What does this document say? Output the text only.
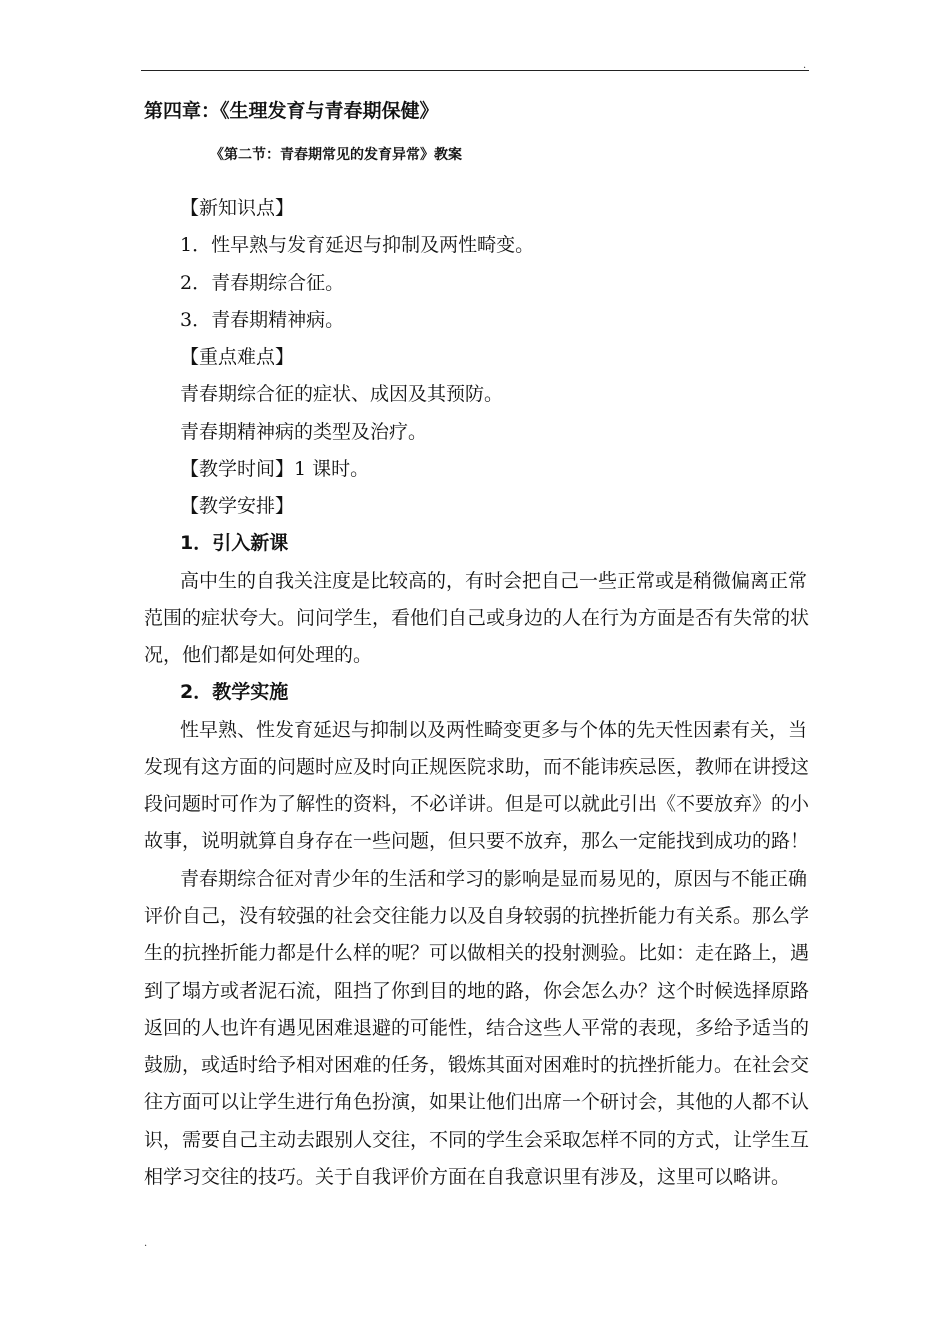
.
第四章：《生理发育与青春期保健》
《第二节：青春期常见的发育异常》教案
【新知识点】
1．性早熟与发育延迟与抑制及两性畸变。
2．青春期综合征。
3．青春期精神病。
【重点难点】
青春期综合征的症状、成因及其预防。
青春期精神病的类型及治疗。
【教学时间】1 课时。
【教学安排】
1．引入新课
高中生的自我关注度是比较高的，有时会把自己一些正常或是稍微偏离正常
范围的症状夸大。问问学生，看他们自己或身边的人在行为方面是否有失常的状
况，他们都是如何处理的。
2．教学实施
性早熟、性发育延迟与抑制以及两性畸变更多与个体的先天性因素有关，当
发现有这方面的问题时应及时向正规医院求助，而不能讳疾忌医，教师在讲授这
段问题时可作为了解性的资料，不必详讲。但是可以就此引出《不要放弃》的小
故事，说明就算自身存在一些问题，但只要不放弃，那么一定能找到成功的路！
青春期综合征对青少年的生活和学习的影响是显而易见的，原因与不能正确
评价自己，没有较强的社会交往能力以及自身较弱的抗挫折能力有关系。那么学
生的抗挫折能力都是什么样的呢？可以做相关的投射测验。比如：走在路上，遇
到了塌方或者泥石流，阻挡了你到目的地的路，你会怎么办？这个时候选择原路
返回的人也许有遇见困难退避的可能性，结合这些人平常的表现，多给予适当的
鼓励，或适时给予相对困难的任务，锻炼其面对困难时的抗挫折能力。在社会交
往方面可以让学生进行角色扮演，如果让他们出席一个研讨会，其他的人都不认
识，需要自己主动去跟别人交往，不同的学生会采取怎样不同的方式，让学生互
相学习交往的技巧。关于自我评价方面在自我意识里有涉及，这里可以略讲。
.
